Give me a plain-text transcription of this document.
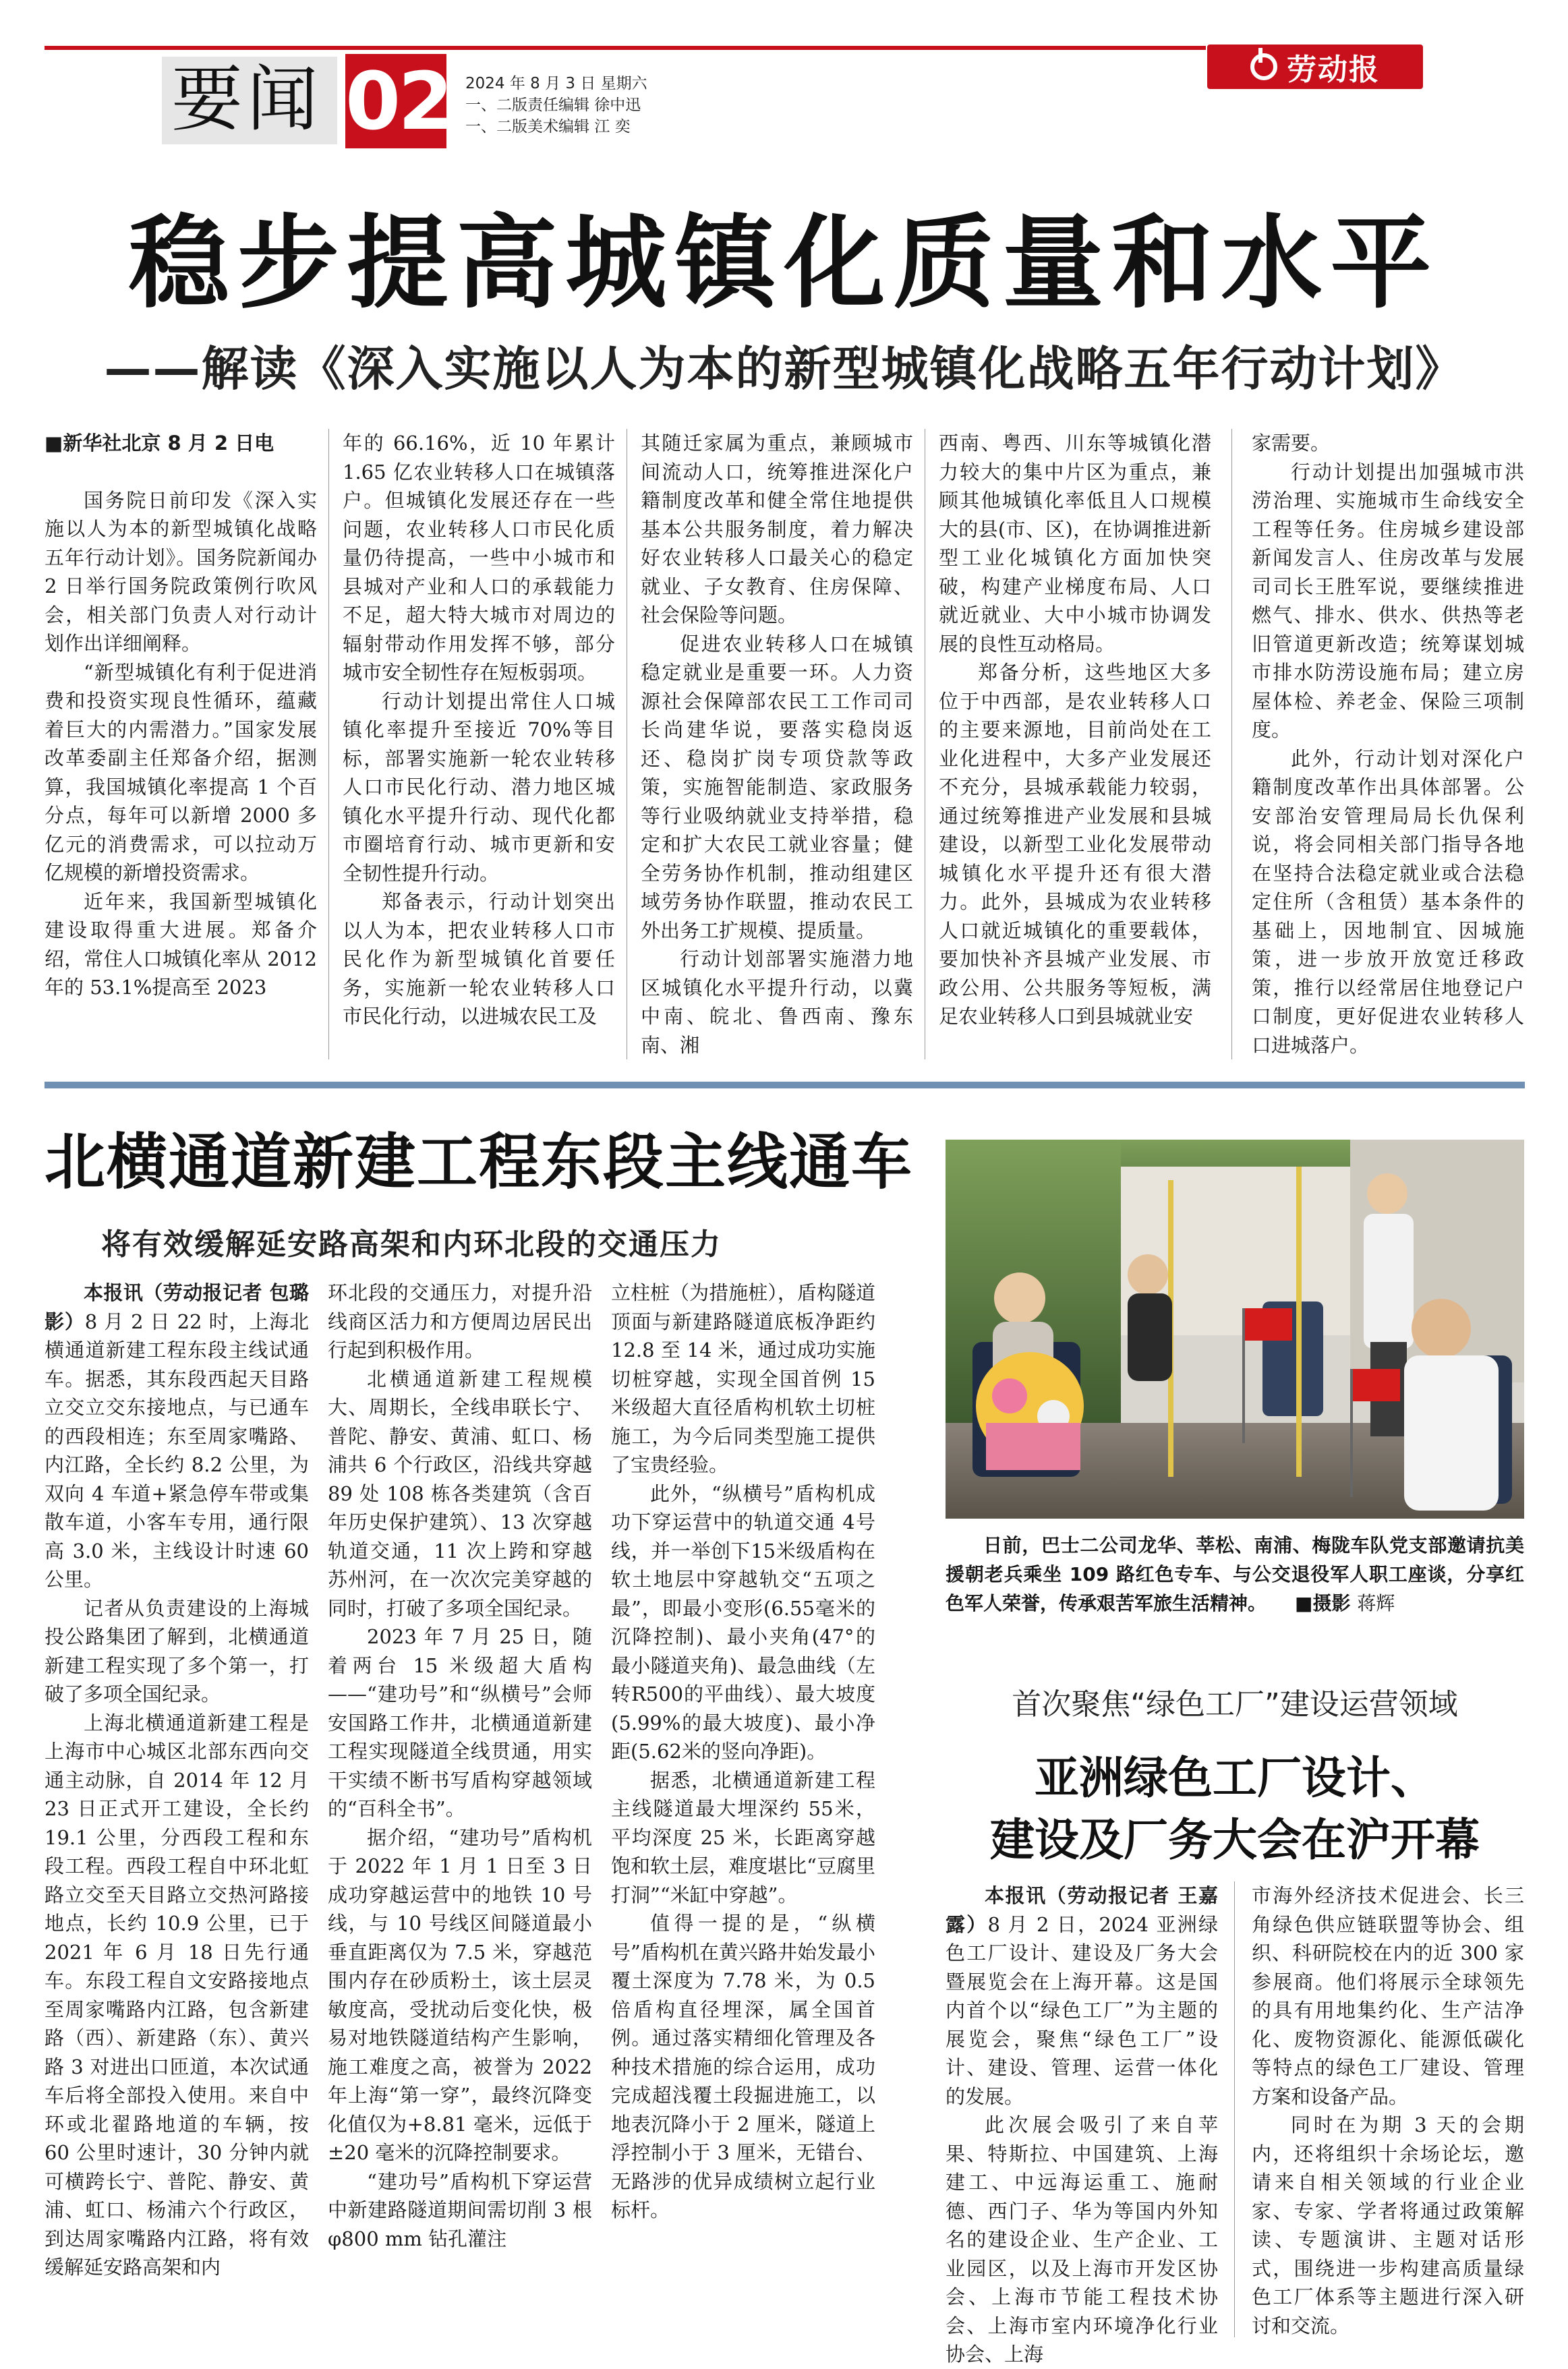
要闻 02 2024 年 8 月 3 日 星期六
一、二版责任编辑 徐中迅
一、二版美术编辑 江 奕
劳动报
稳步提高城镇化质量和水平
——解读《深入实施以人为本的新型城镇化战略五年行动计划》

■新华社北京 8 月 2 日电

国务院日前印发《深入实施以人为本的新型城镇化战略五年行动计划》。国务院新闻办 2 日举行国务院政策例行吹风会，相关部门负责人对行动计划作出详细阐释。

“新型城镇化有利于促进消费和投资实现良性循环，蕴藏着巨大的内需潜力。”国家发展改革委副主任郑备介绍，据测算，我国城镇化率提高 1 个百分点，每年可以新增 2000 多亿元的消费需求，可以拉动万亿规模的新增投资需求。

近年来，我国新型城镇化建设取得重大进展。郑备介绍，常住人口城镇化率从 2012 年的 53.1%提高至 2023

年的 66.16%，近 10 年累计 1.65 亿农业转移人口在城镇落户。但城镇化发展还存在一些问题，农业转移人口市民化质量仍待提高，一些中小城市和县城对产业和人口的承载能力不足，超大特大城市对周边的辐射带动作用发挥不够，部分城市安全韧性存在短板弱项。

行动计划提出常住人口城镇化率提升至接近 70%等目标，部署实施新一轮农业转移人口市民化行动、潜力地区城镇化水平提升行动、现代化都市圈培育行动、城市更新和安全韧性提升行动。

郑备表示，行动计划突出以人为本，把农业转移人口市民化作为新型城镇化首要任务，实施新一轮农业转移人口市民化行动，以进城农民工及

其随迁家属为重点，兼顾城市间流动人口，统筹推进深化户籍制度改革和健全常住地提供基本公共服务制度，着力解决好农业转移人口最关心的稳定就业、子女教育、住房保障、社会保险等问题。

促进农业转移人口在城镇稳定就业是重要一环。人力资源社会保障部农民工工作司司长尚建华说，要落实稳岗返还、稳岗扩岗专项贷款等政策，实施智能制造、家政服务等行业吸纳就业支持举措，稳定和扩大农民工就业容量；健全劳务协作机制，推动组建区域劳务协作联盟，推动农民工外出务工扩规模、提质量。

行动计划部署实施潜力地区城镇化水平提升行动，以冀中南、皖北、鲁西南、豫东南、湘

西南、粤西、川东等城镇化潜力较大的集中片区为重点，兼顾其他城镇化率低且人口规模大的县(市、区)，在协调推进新型工业化城镇化方面加快突破，构建产业梯度布局、人口就近就业、大中小城市协调发展的良性互动格局。

郑备分析，这些地区大多位于中西部，是农业转移人口的主要来源地，目前尚处在工业化进程中，大多产业发展还不充分，县城承载能力较弱，通过统筹推进产业发展和县城建设，以新型工业化发展带动城镇化水平提升还有很大潜力。此外，县城成为农业转移人口就近城镇化的重要载体，要加快补齐县城产业发展、市政公用、公共服务等短板，满足农业转移人口到县城就业安

家需要。

行动计划提出加强城市洪涝治理、实施城市生命线安全工程等任务。住房城乡建设部新闻发言人、住房改革与发展司司长王胜军说，要继续推进燃气、排水、供水、供热等老旧管道更新改造；统筹谋划城市排水防涝设施布局；建立房屋体检、养老金、保险三项制度。

此外，行动计划对深化户籍制度改革作出具体部署。公安部治安管理局局长仇保利说，将会同相关部门指导各地在坚持合法稳定就业或合法稳定住所（含租赁）基本条件的基础上，因地制宜、因城施策，进一步放开放宽迁移政策，推行以经常居住地登记户口制度，更好促进农业转移人口进城落户。

北横通道新建工程东段主线通车
将有效缓解延安路高架和内环北段的交通压力

本报讯（劳动报记者 包璐影）8 月 2 日 22 时，上海北横通道新建工程东段主线试通车。据悉，其东段西起天目路立交立交东接地点，与已通车的西段相连；东至周家嘴路、内江路，全长约 8.2 公里，为双向 4 车道+紧急停车带或集散车道，小客车专用，通行限高 3.0 米，主线设计时速 60 公里。

记者从负责建设的上海城投公路集团了解到，北横通道新建工程实现了多个第一，打破了多项全国纪录。

上海北横通道新建工程是上海市中心城区北部东西向交通主动脉，自 2014 年 12 月 23 日正式开工建设，全长约 19.1 公里，分西段工程和东段工程。西段工程自中环北虹路立交至天目路立交热河路接地点，长约 10.9 公里，已于 2021 年 6 月 18 日先行通车。东段工程自文安路接地点至周家嘴路内江路，包含新建路（西）、新建路（东）、黄兴路 3 对进出口匝道，本次试通车后将全部投入使用。来自中环或北翟路地道的车辆，按 60 公里时速计，30 分钟内就可横跨长宁、普陀、静安、黄浦、虹口、杨浦六个行政区，到达周家嘴路内江路，将有效缓解延安路高架和内

环北段的交通压力，对提升沿线商区活力和方便周边居民出行起到积极作用。

北横通道新建工程规模大、周期长，全线串联长宁、普陀、静安、黄浦、虹口、杨浦共 6 个行政区，沿线共穿越 89 处 108 栋各类建筑（含百年历史保护建筑）、13 次穿越轨道交通，11 次上跨和穿越苏州河，在一次次完美穿越的同时，打破了多项全国纪录。

2023 年 7 月 25 日，随着两台 15 米级超大盾构——“建功号”和“纵横号”会师安国路工作井，北横通道新建工程实现隧道全线贯通，用实干实绩不断书写盾构穿越领域的“百科全书”。

据介绍，“建功号”盾构机于 2022 年 1 月 1 日至 3 日成功穿越运营中的地铁 10 号线，与 10 号线区间隧道最小垂直距离仅为 7.5 米，穿越范围内存在砂质粉土，该土层灵敏度高，受扰动后变化快，极易对地铁隧道结构产生影响，施工难度之高，被誉为 2022 年上海“第一穿”，最终沉降变化值仅为+8.81 毫米，远低于±20 毫米的沉降控制要求。

“建功号”盾构机下穿运营中新建路隧道期间需切削 3 根 φ800 mm 钻孔灌注

立柱桩（为措施桩），盾构隧道顶面与新建路隧道底板净距约 12.8 至 14 米，通过成功实施切桩穿越，实现全国首例 15 米级超大直径盾构机软土切桩施工，为今后同类型施工提供了宝贵经验。

此外，“纵横号”盾构机成功下穿运营中的轨道交通 4号线，并一举创下15米级盾构在软土地层中穿越轨交“五项之最”，即最小变形(6.55毫米的沉降控制)、最小夹角(47°的最小隧道夹角)、最急曲线（左转R500的平曲线）、最大坡度(5.99%的最大坡度)、最小净距(5.62米的竖向净距)。

据悉，北横通道新建工程主线隧道最大埋深约 55米，平均深度 25 米，长距离穿越饱和软土层，难度堪比“豆腐里打洞”“米缸中穿越”。

值得一提的是，“纵横号”盾构机在黄兴路井始发最小覆土深度为 7.78 米，为 0.5 倍盾构直径埋深，属全国首例。通过落实精细化管理及各种技术措施的综合运用，成功完成超浅覆土段掘进施工，以地表沉降小于 2 厘米，隧道上浮控制小于 3 厘米，无错台、无路涉的优异成绩树立起行业标杆。

日前，巴士二公司龙华、莘松、南浦、梅陇车队党支部邀请抗美援朝老兵乘坐 109 路红色专车、与公交退役军人职工座谈，分享红色军人荣誉，传承艰苦军旅生活精神。　　 ■摄影 蒋辉
首次聚焦“绿色工厂”建设运营领域
亚洲绿色工厂设计、
建设及厂务大会在沪开幕

本报讯（劳动报记者 王嘉露）8 月 2 日，2024 亚洲绿色工厂设计、建设及厂务大会暨展览会在上海开幕。这是国内首个以“绿色工厂”为主题的展览会，聚焦“绿色工厂”设计、建设、管理、运营一体化的发展。

此次展会吸引了来自苹果、特斯拉、中国建筑、上海建工、中远海运重工、施耐德、西门子、华为等国内外知名的建设企业、生产企业、工业园区，以及上海市开发区协会、上海市节能工程技术协会、上海市室内环境净化行业协会、上海

市海外经济技术促进会、长三角绿色供应链联盟等协会、组织、科研院校在内的近 300 家参展商。他们将展示全球领先的具有用地集约化、生产洁净化、废物资源化、能源低碳化等特点的绿色工厂建设、管理方案和设备产品。

同时在为期 3 天的会期内，还将组织十余场论坛，邀请来自相关领域的行业企业家、专家、学者将通过政策解读、专题演讲、主题对话形式，围绕进一步构建高质量绿色工厂体系等主题进行深入研讨和交流。
